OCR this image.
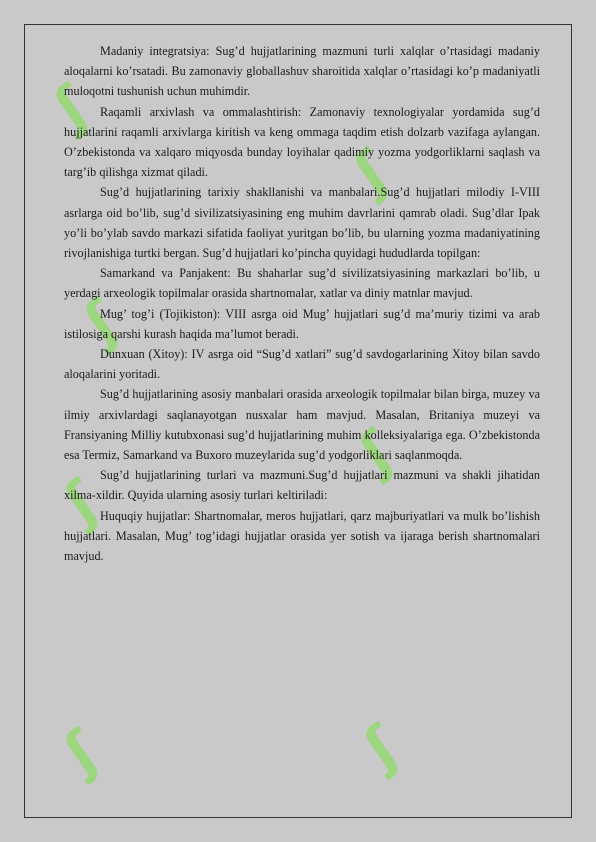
ʃ
ʃ
ʃ
ʃ
ʃ
ʃ	ʃ

Madaniy integratsiya: Sug’d hujjatlarining mazmuni turli xalqlar o’rtasidagi madaniy aloqalarni ko’rsatadi. Bu zamonaviy globallashuv sharoitida xalqlar o’rtasidagi ko’p madaniyatli muloqotni tushunish uchun muhimdir.

Raqamli arxivlash va ommalashtirish: Zamonaviy texnologiyalar yordamida sug’d hujjatlarini raqamli arxivlarga kiritish va keng ommaga taqdim etish dolzarb vazifaga aylangan. O’zbekistonda va xalqaro miqyosda bunday loyihalar qadimiy yozma yodgorliklarni saqlash va targ’ib qilishga xizmat qiladi.

Sug’d hujjatlarining tarixiy shakllanishi va manbalari.Sug’d hujjatlari milodiy I-VIII asrlarga oid bo’lib, sug’d sivilizatsiyasining eng muhim davrlarini qamrab oladi. Sug’dlar Ipak yo’li bo’ylab savdo markazi sifatida faoliyat yuritgan bo’lib, bu ularning yozma madaniyatining rivojlanishiga turtki bergan. Sug’d hujjatlari ko’pincha quyidagi hududlarda topilgan:

Samarkand va Panjakent: Bu shaharlar sug’d sivilizatsiyasining markazlari bo’lib, u yerdagi arxeologik topilmalar orasida shartnomalar, xatlar va diniy matnlar mavjud.

Mug’ tog’i (Tojikiston): VIII asrga oid Mug’ hujjatlari sug’d ma’muriy tizimi va arab istilosiga qarshi kurash haqida ma’lumot beradi.

Dunxuan (Xitoy): IV asrga oid “Sug’d xatlari” sug’d savdogarlarining Xitoy bilan savdo aloqalarini yoritadi.

Sug’d hujjatlarining asosiy manbalari orasida arxeologik topilmalar bilan birga, muzey va ilmiy arxivlardagi saqlanayotgan nusxalar ham mavjud. Masalan, Britaniya muzeyi va Fransiyaning Milliy kutubxonasi sug’d hujjatlarining muhim kolleksiyalariga ega. O’zbekistonda esa Termiz, Samarkand va Buxoro muzeylarida sug’d yodgorliklari saqlanmoqda.

Sug’d hujjatlarining turlari va mazmuni.Sug’d hujjatlari mazmuni va shakli jihatidan xilma-xildir. Quyida ularning asosiy turlari keltiriladi:

Huquqiy hujjatlar: Shartnomalar, meros hujjatlari, qarz majburiyatlari va mulk bo’lishish hujjatlari. Masalan, Mug’ tog’idagi hujjatlar orasida yer sotish va ijaraga berish shartnomalari mavjud.
